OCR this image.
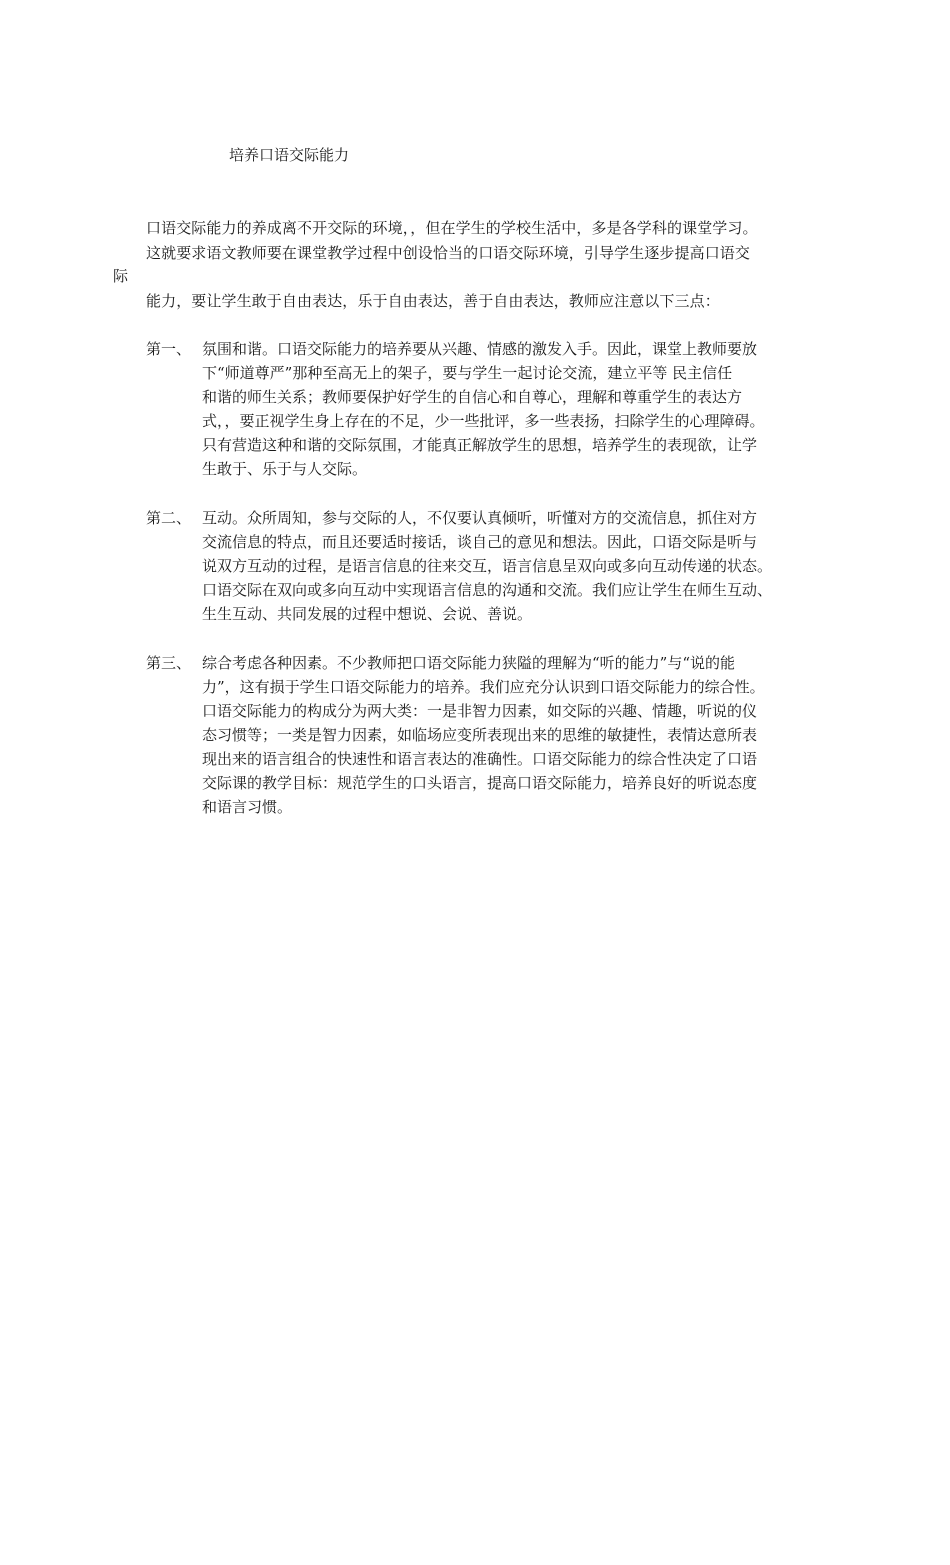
培养口语交际能力
口语交际能力的养成离不开交际的环境，，但在学生的学校生活中，多是各学科的课堂学习。
这就要求语文教师要在课堂教学过程中创设恰当的口语交际环境，引导学生逐步提高口语交
际
能力，要让学生敢于自由表达，乐于自由表达，善于自由表达，教师应注意以下三点：
第一、 氛围和谐。口语交际能力的培养要从兴趣、情感的激发入手。因此，课堂上教师要放
下“师道尊严”那种至高无上的架子，要与学生一起讨论交流，建立平等 民主信任
和谐的师生关系；教师要保护好学生的自信心和自尊心，理解和尊重学生的表达方
式，，要正视学生身上存在的不足，少一些批评，多一些表扬，扫除学生的心理障碍。
只有营造这种和谐的交际氛围，才能真正解放学生的思想，培养学生的表现欲，让学
生敢于、乐于与人交际。
第二、 互动。众所周知，参与交际的人，不仅要认真倾听，听懂对方的交流信息，抓住对方
交流信息的特点，而且还要适时接话，谈自己的意见和想法。因此，口语交际是听与
说双方互动的过程，是语言信息的往来交互，语言信息呈双向或多向互动传递的状态。
口语交际在双向或多向互动中实现语言信息的沟通和交流。我们应让学生在师生互动、
生生互动、共同发展的过程中想说、会说、善说。
第三、 综合考虑各种因素。不少教师把口语交际能力狭隘的理解为“听的能力”与“说的能
力”，这有损于学生口语交际能力的培养。我们应充分认识到口语交际能力的综合性。
口语交际能力的构成分为两大类：一是非智力因素，如交际的兴趣、情趣，听说的仪
态习惯等；一类是智力因素，如临场应变所表现出来的思维的敏捷性，表情达意所表
现出来的语言组合的快速性和语言表达的准确性。口语交际能力的综合性决定了口语
交际课的教学目标：规范学生的口头语言，提高口语交际能力，培养良好的听说态度
和语言习惯。
